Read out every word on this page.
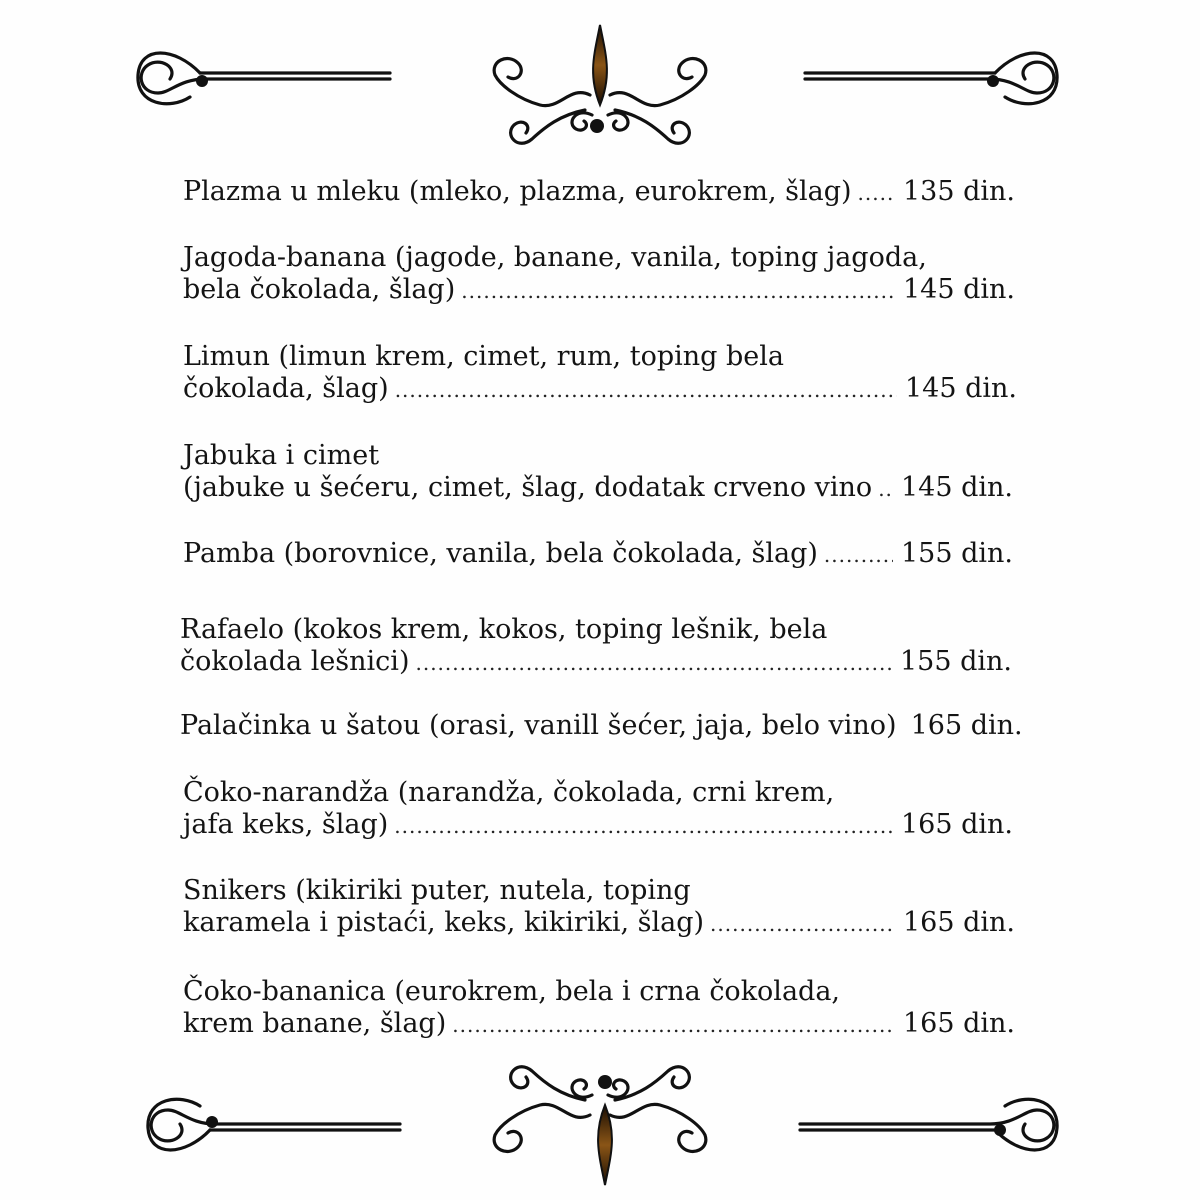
Plazma u mleku (mleko, plazma, eurokrem, šlag) ..... 135 din.
Jagoda-banana (jagode, banane, vanila, toping jagoda,
bela čokolada, šlag) .....	145 din.
Limun (limun krem, cimet, rum, toping bela
čokolada, šlag) .....	145 din.
Jabuka i cimet
(jabuke u šećeru, cimet, šlag, dodatak crveno vino ..... 145 din.
Pamba (borovnice, vanila, bela čokolada, šlag) .....	155 din.
Rafaelo (kokos krem, kokos, toping lešnik, bela
čokolada lešnici) .....	155 din.
Palačinka u šatou (orasi, vanill šećer, jaja, belo vino) 165 din.
Čoko-narandža (narandža, čokolada, crni krem,
jafa keks, šlag) .....	165 din.
Snikers (kikiriki puter, nutela, toping
karamela i pistaći, keks, kikiriki, šlag) .....	165 din.
Čoko-bananica (eurokrem, bela i crna čokolada,
krem banane, šlag) .....	165 din.
